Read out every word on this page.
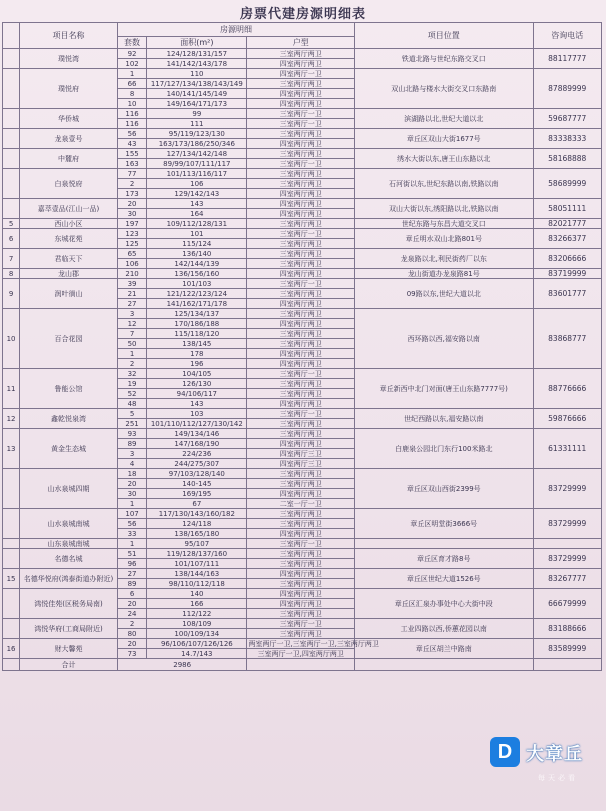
房票代建房源明细表
	项目名称	房源明细			项目位置	咨询电话
		套数	面积(m²)	户型		
	璞悦湾	92	124/128/131/157	三室两厅两卫	铁道北路与世纪东路交叉口	88117777
		102	141/142/143/178	四室两厅两卫		
	璞悦府	1	110	四室两厅一卫	双山北路与楼水大街交叉口东路南	87889999
		66	117/127/134/138/143/149	三室两厅两卫		
		8	140/141/145/149	四室两厅两卫		
		10	149/164/171/173	四室两厅两卫		
	华侨城	116	99	三室两厅一卫	滨湖路以北,世纪大道以北	59687777
		116	111	三室两厅一卫		
	龙泉壹号	56	95/119/123/130	三室两厅两卫	章丘区双山大街1677号	83338333
		43	163/173/186/250/346	四室两厅两卫		
	中麓府	155	127/134/142/148	三室两厅两卫	绣水大街以东,唐王山东路以北	58168888
		163	89/99/107/111/117	三室两厅一卫		
	白泉悦府	77	101/113/116/117	三室两厅两卫	石河街以东,世纪东路以南,铁路以南	58689999
		2	106	三室两厅两卫		
		173	129/142/143	四室两厅两卫		
	嘉萃壹品(江山一品)	20	143	四室两厅两卫	双山大街以东,绣阳路以北,铁路以南	58051111
		30	164	四室两厅两卫		
5	西山小区	197	109/112/128/131	三室两厅两卫	世纪东路与东昌大道交叉口	82021777
6	东城花苑	123	101	三室两厅一卫	章丘明水双山北路801号	83266377
		125	115/124	三室两厅两卫		
7	君临天下	65	136/140	三室两厅两卫	龙泉路以北,利民街药厂以东	83206666
		106	142/144/139	三室两厅两卫		
8	龙山郡	210	136/156/160	四室两厅两卫	龙山街道办龙泉路81号	83719999
9	润叶徜山	39	101/103	三室两厅一卫	09路以东,世纪大道以北	83601777
		21	121/122/123/124	三室两厅两卫		
		27	141/162/171/178	四室两厅两卫		
10	百合花园	3	125/134/137	三室两厅两卫	西环路以西,福安路以南	83868777
		12	170/186/188	四室两厅两卫		
		7	115/118/120	三室两厅两卫		
		50	138/145	三室两厅两卫		
		1	178	四室两厅两卫		
		2	196	四室两厅两卫		
11	鲁能公馆	32	104/105	三室两厅一卫	章丘新西中北门对面(唐王山东路7777号)	88776666
		19	126/130	三室两厅两卫		
		52	94/106/117	三室两厅两卫		
		48	143	四室两厅两卫		
12	鑫乾悦泉湾	5	103	三室两厅一卫	世纪西路以东,福安路以南	59876666
		251	101/110/112/127/130/142	三室两厅两卫		
13	黄金生态城	93	149/134/146	三室两厅两卫	白鹿泉公园北门东行100米路北	61331111
		89	147/168/190	四室两厅两卫		
		3	224/236	四室两厅三卫		
		4	244/275/307	四室两厅三卫		
	山水泉城四期	18	97/103/128/140	三室两厅两卫	章丘区双山西街2399号	83729999
		20	140-145	三室两厅两卫		
		30	169/195	四室两厅两卫		
		1	67	二室一厅一卫		
	山水泉城南城	107	117/130/143/160/182	三室两厅两卫	章丘区明堂街3666号	83729999
		56	124/118	三室两厅两卫		
		33	138/165/180	四室两厅两卫		
	山东泉城南城	1	95/107	三室两厅一卫		
	名德名城	51	119/128/137/160	三室两厅两卫	章丘区育才路8号	83729999
		96	101/107/111	三室两厅两卫		
15	名德华悦府(鸿泰街道办附近)	27	138/144/163	四室两厅两卫	章丘区世纪大道1526号	83267777
		89	98/110/112/118	三室两厅两卫		
	鸿悦佳苑(区税务局南)	6	140	四室两厅两卫	章丘区汇泉办事处中心大街中段	66679999
		20	166	四室两厅两卫		
		24	112/122	三室两厅两卫		
	鸿悦华府(工商局附近)	2	108/109	三室两厅一卫	工业四路以西,侨蕙花园以南	83188666
		80	100/109/134	三室两厅两卫		
16	财大馨苑	20	96/106/107/126/126	两室两厅一卫,三室两厅一卫,三室两厅两卫	章丘区胡兰中路南	83589999
		73	14.7/143	三室两厅一卫,四室两厅两卫		
	合计	2986				
D 大章丘
每天必看
